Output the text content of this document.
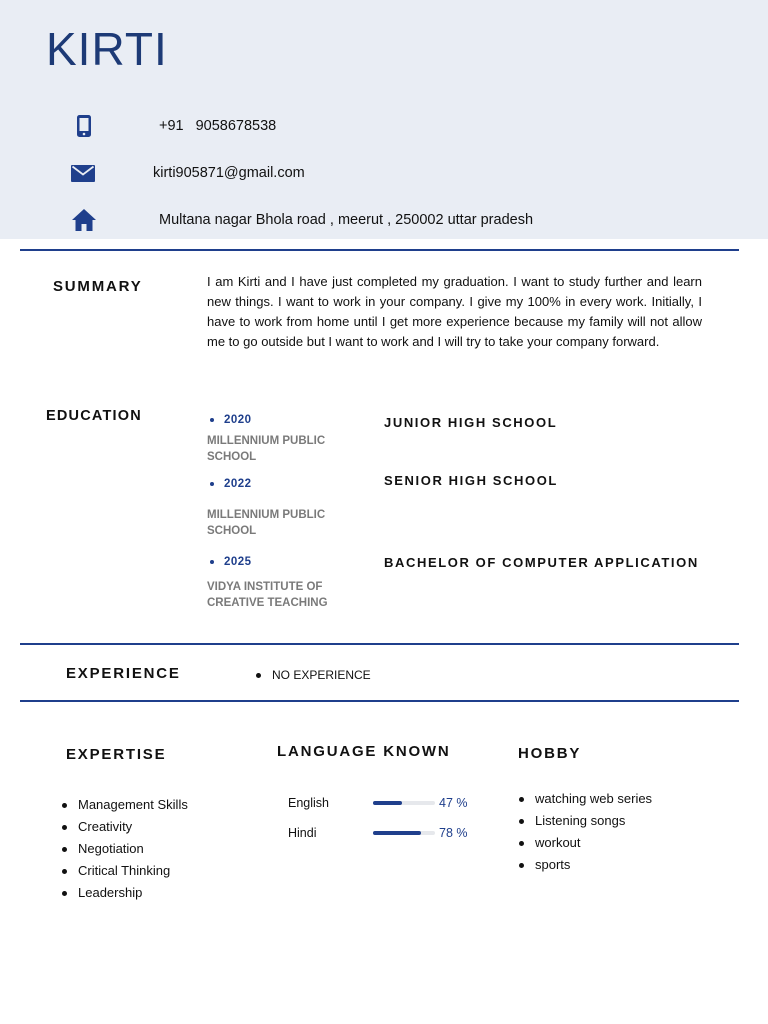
KIRTI
+91 9058678538
kirti905871@gmail.com
Multana nagar Bhola road , meerut , 250002 uttar pradesh
SUMMARY	I am Kirti and I have just completed my graduation. I want to study further and learn new things. I want to work in your company. I give my 100% in every work. Initially, I have to work from home until I get more experience because my family will not allow me to go outside but I want to work and I will try to take your company forward.

EDUCATION	2020
MILLENNIUM PUBLIC SCHOOL
JUNIOR HIGH SCHOOL
2022
MILLENNIUM PUBLIC SCHOOL
SENIOR HIGH SCHOOL
2025
VIDYA INSTITUTE OF CREATIVE TEACHING
BACHELOR OF COMPUTER APPLICATION
EXPERIENCE	NO EXPERIENCE
EXPERTISE
Management Skills
Creativity
Negotiation
Critical Thinking
Leadership
LANGUAGE KNOWN
English	47 %
Hindi	78 %
HOBBY
watching web series
Listening songs
workout
sports
